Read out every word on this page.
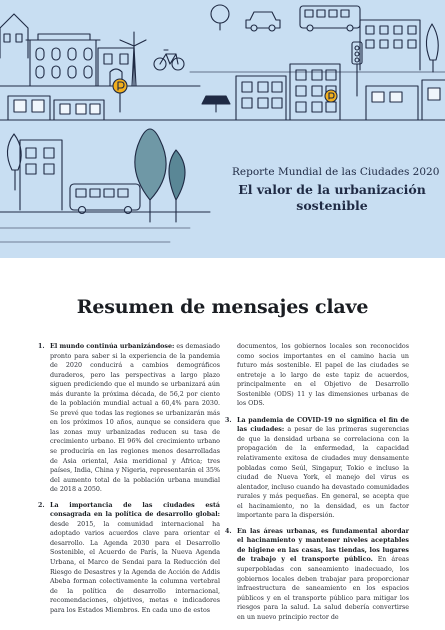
Reporte Mundial de las Ciudades 2020
El valor de la urbanización sostenible
Resumen de mensajes clave
1. El mundo continúa urbanizándose: es demasiado pronto para saber si la experiencia de la pandemia de 2020 conducirá a cambios demográficos duraderos, pero las perspectivas a largo plazo siguen prediciendo que el mundo se urbanizará aún más durante la próxima década, de 56,2 por ciento de la población mundial actual a 60,4% para 2030. Se prevé que todas las regiones se urbanizarán más en los próximos 10 años, aunque se considera que las zonas muy urbanizadas reducen su tasa de crecimiento urbano. El 96% del crecimiento urbano se produciría en las regiones menos desarrolladas de Asia oriental, Asia meridional y África; tres países, India, China y Nigeria, representarán el 35% del aumento total de la población urbana mundial de 2018 a 2050.
2. La importancia de las ciudades está consagrada en la política de desarrollo global: desde 2015, la comunidad internacional ha adoptado varios acuerdos clave para orientar el desarrollo. La Agenda 2030 para el Desarrollo Sostenible, el Acuerdo de París, la Nueva Agenda Urbana, el Marco de Sendai para la Reducción del Riesgo de Desastres y la Agenda de Acción de Addis Abeba forman colectivamente la columna vertebral de la política de desarrollo internacional, recomendaciones, objetivos, metas e indicadores para los Estados Miembros. En cada uno de estos
documentos, los gobiernos locales son reconocidos como socios importantes en el camino hacia un futuro más sostenible. El papel de las ciudades se entreteje a lo largo de este tapiz de acuerdos, principalmente en el Objetivo de Desarrollo Sostenible (ODS) 11 y las dimensiones urbanas de los ODS.
3. La pandemia de COVID-19 no significa el fin de las ciudades: a pesar de las primeras sugerencias de que la densidad urbana se correlaciona con la propagación de la enfermedad, la capacidad relativamente exitosa de ciudades muy densamente pobladas como Seúl, Singapur, Tokio e incluso la ciudad de Nueva York, el manejo del virus es alentador, incluso cuando ha devastado comunidades rurales y más pequeñas. En general, se acepta que el hacinamiento, no la densidad, es un factor importante para la dispersión.
4. En las áreas urbanas, es fundamental abordar el hacinamiento y mantener niveles aceptables de higiene en las casas, las tiendas, los lugares de trabajo y el transporte público. En áreas superpobladas con saneamiento inadecuado, los gobiernos locales deben trabajar para proporcionar infraestructura de saneamiento en los espacios públicos y en el transporte público para mitigar los riesgos para la salud. La salud debería convertirse en un nuevo principio rector de
